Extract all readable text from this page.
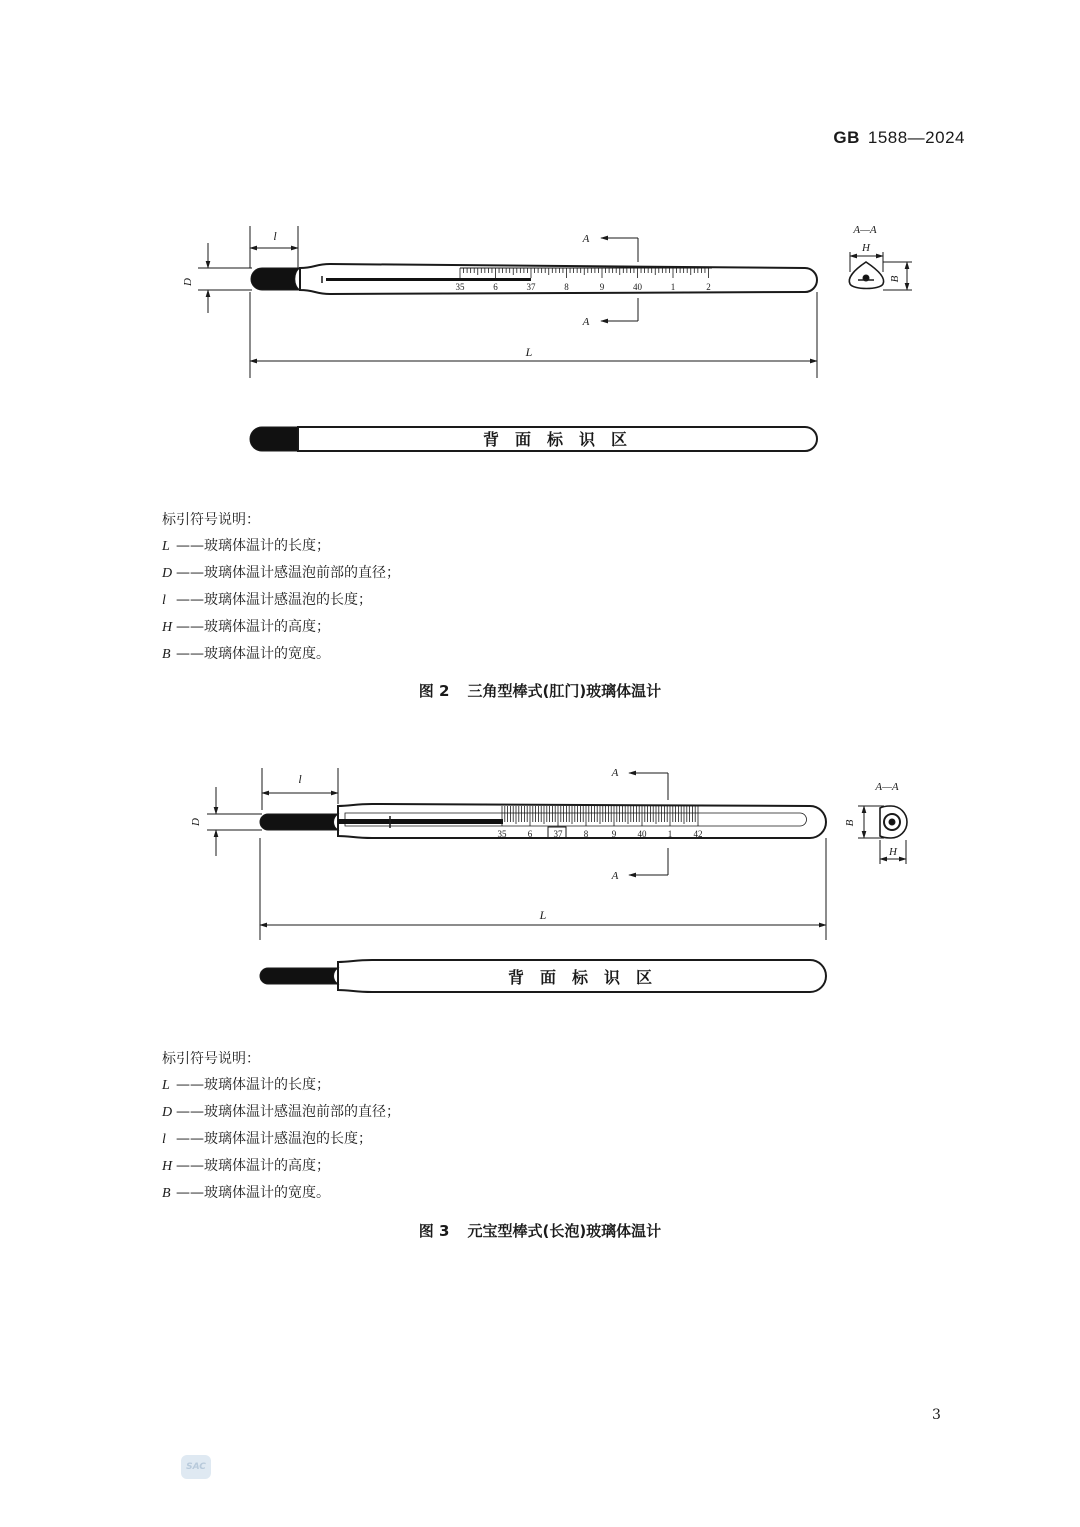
GB 1588—2024
35	6	37	8	9	40	1	2
l
D
L
A
A
A—A
H
B
背　面　标　识　区
标引符号说明：
L ——玻璃体温计的长度；
D ——玻璃体温计感温泡前部的直径；
l ——玻璃体温计感温泡的长度；
H ——玻璃体温计的高度；
B ——玻璃体温计的宽度。
图 2 三角型棒式(肛门)玻璃体温计
35 6 37 8	9 40 1 42
l
D
L
A
A
A—A
B
H
背　面　标　识　区
标引符号说明：
L ——玻璃体温计的长度；
D ——玻璃体温计感温泡前部的直径；
l ——玻璃体温计感温泡的长度；
H ——玻璃体温计的高度；
B ——玻璃体温计的宽度。
图 3 元宝型棒式(长泡)玻璃体温计
3
SAC
